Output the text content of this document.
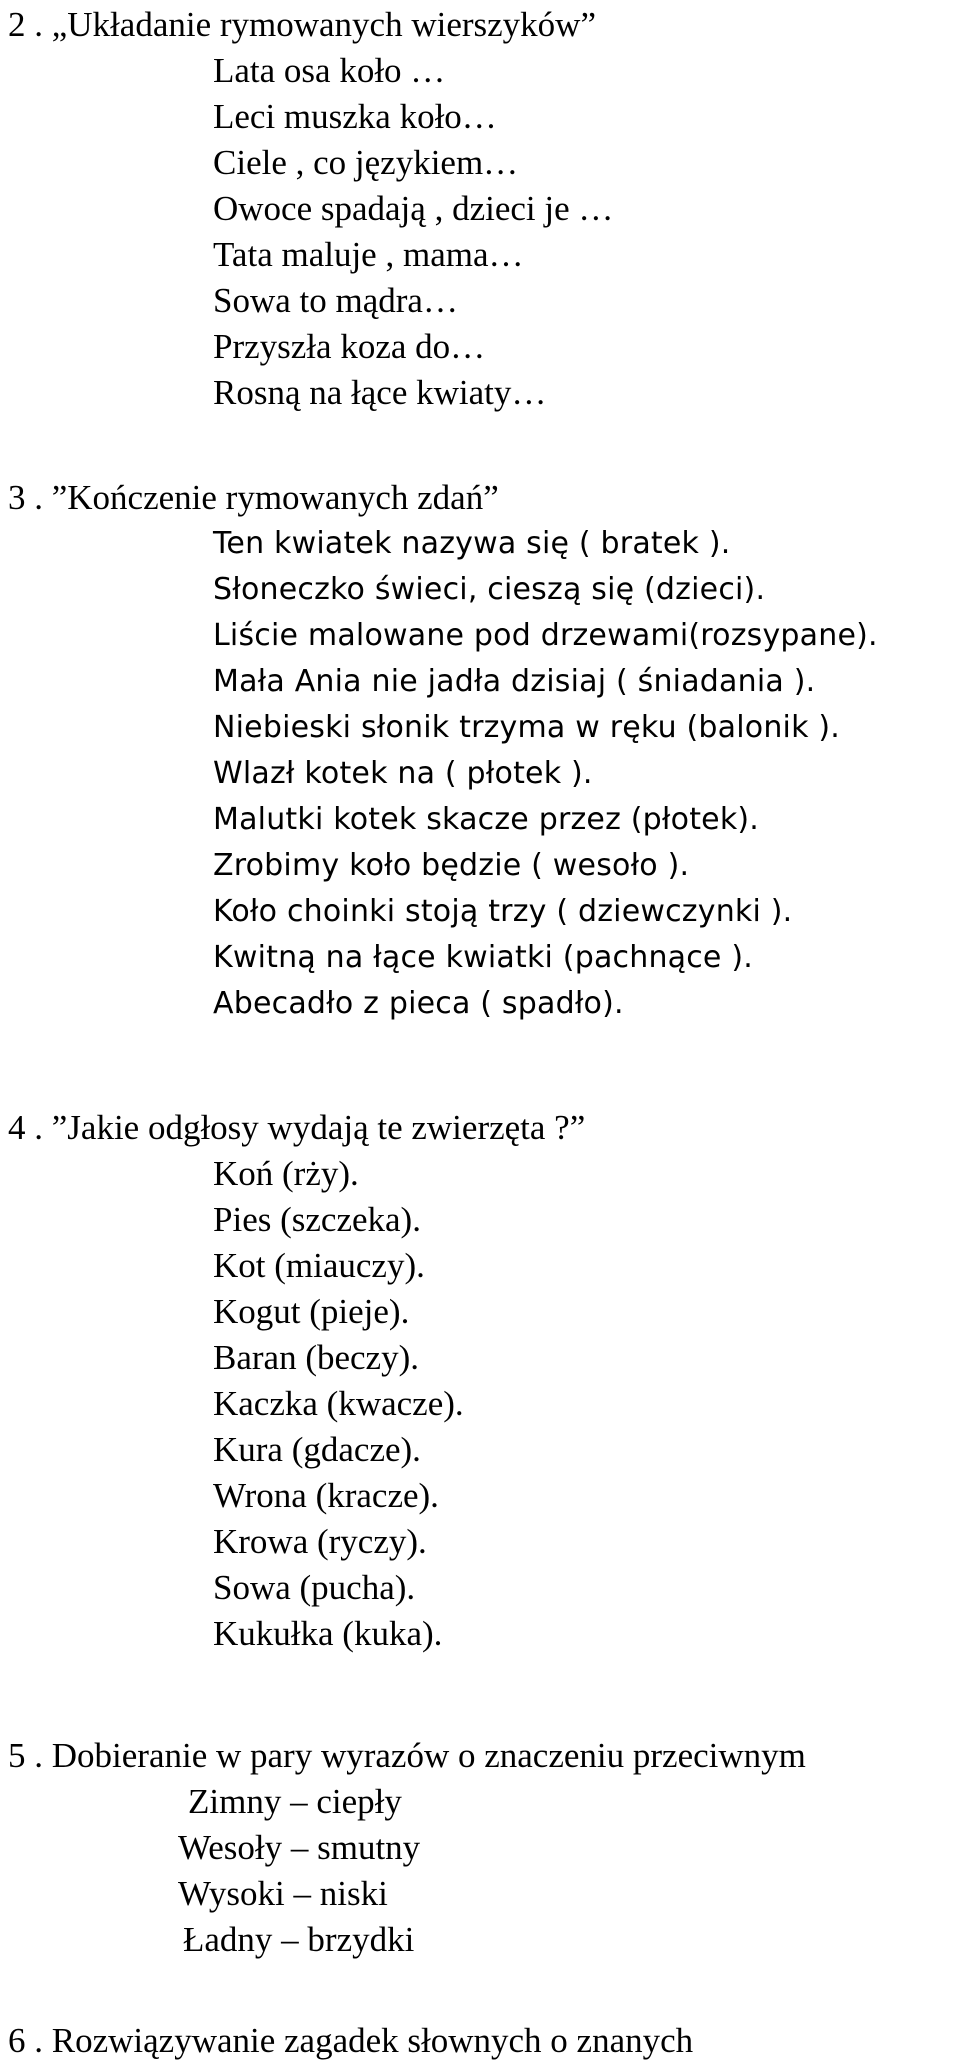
2 . „Układanie rymowanych wierszyków”

Lata osa koło …

Leci muszka koło…

Ciele , co językiem…

Owoce spadają , dzieci je …

Tata maluje , mama…

Sowa to mądra…

Przyszła koza do…

Rosną na łące kwiaty…

3 . ”Kończenie rymowanych zdań”

Ten kwiatek nazywa się ( bratek ).

Słoneczko świeci, cieszą się (dzieci).

Liście malowane pod drzewami(rozsypane).

Mała Ania nie jadła dzisiaj ( śniadania ).

Niebieski słonik trzyma w ręku (balonik ).

Wlazł kotek na ( płotek ).

Malutki kotek skacze przez (płotek).

Zrobimy koło będzie ( wesoło ).

Koło choinki stoją trzy ( dziewczynki ).

Kwitną na łące kwiatki (pachnące ).

Abecadło z pieca ( spadło).

4 . ”Jakie odgłosy wydają te zwierzęta ?”

Koń (rży).

Pies (szczeka).

Kot (miauczy).

Kogut (pieje).

Baran (beczy).

Kaczka (kwacze).

Kura (gdacze).

Wrona (kracze).

Krowa (ryczy).

Sowa (pucha).

Kukułka (kuka).

5 . Dobieranie w pary wyrazów o znaczeniu przeciwnym

Zimny – ciepły

Wesoły – smutny

Wysoki – niski

Ładny – brzydki

6 . Rozwiązywanie zagadek słownych o znanych
